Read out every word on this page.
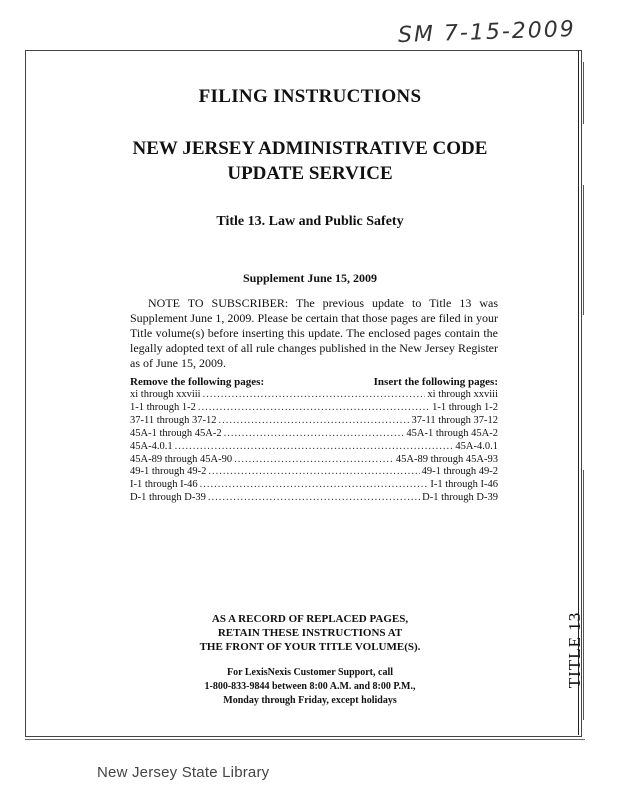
SM 7-15-2009
TITLE 13
FILING INSTRUCTIONS
NEW JERSEY ADMINISTRATIVE CODE
UPDATE SERVICE
Title 13. Law and Public Safety
Supplement June 15, 2009
NOTE TO SUBSCRIBER: The previous update to Title 13 was Supplement June 1, 2009. Please be certain that those pages are filed in your Title volume(s) before inserting this update. The enclosed pages contain the legally adopted text of all rule changes published in the New Jersey Register as of June 15, 2009.
Remove the following pages:	Insert the following pages:
xi through xxviii .....	xi through xxviii
1-1 through 1-2 .....	1-1 through 1-2
37-11 through 37-12 .....	37-11 through 37-12
45A-1 through 45A-2 .....	45A-1 through 45A-2
45A-4.0.1 .....	45A-4.0.1
45A-89 through 45A-90 .....	45A-89 through 45A-93
49-1 through 49-2 .....	49-1 through 49-2
I-1 through I-46 .....	I-1 through I-46
D-1 through D-39 .....	D-1 through D-39
AS A RECORD OF REPLACED PAGES,
RETAIN THESE INSTRUCTIONS AT
THE FRONT OF YOUR TITLE VOLUME(S).
For LexisNexis Customer Support, call
1-800-833-9844 between 8:00 A.M. and 8:00 P.M.,
Monday through Friday, except holidays
New Jersey State Library
